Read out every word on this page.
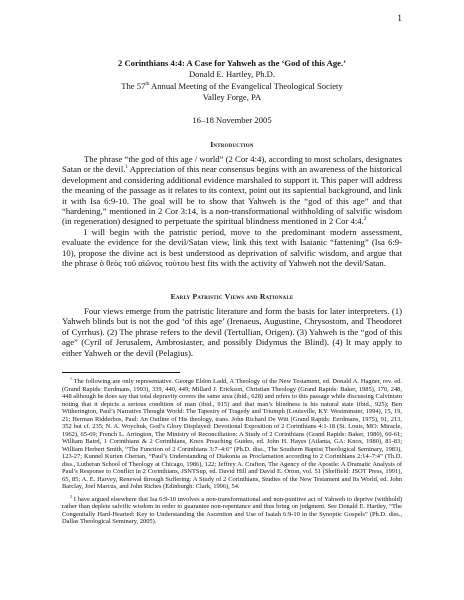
1
2 Corinthians 4:4: A Case for Yahweh as the ‘God of this Age.’
Donald E. Hartley, Ph.D.
The 57th Annual Meeting of the Evangelical Theological Society
Valley Forge, PA
16–18 November 2005
Introduction

The phrase “the god of this age / world” (2 Cor 4:4), according to most scholars, designates Satan or the devil.$^1$ Appreciation of this near consensus begins with an awareness of the historical development and considering additional evidence marshaled to support it. This paper will address the meaning of the passage as it relates to its context, point out its sapiential background, and link it with Isa 6:9-10. The goal will be to show that Yahweh is the “god of this age” and that “hardening,” mentioned in 2 Cor 3:14, is a non-transformational withholding of salvific wisdom (in regeneration) designed to perpetuate the spiritual blindness mentioned in 2 Cor 4:4.$^2$

I will begin with the patristic period, move to the predominant modern assessment, evaluate the evidence for the devil/Satan view, link this text with Isaianic “fattening” (Isa 6:9-10), propose the divine act is best understood as deprivation of salvific wisdom, and argue that the phrase ὁ θεὸς τοῦ αἰῶνος τούτου best fits with the activity of Yahweh not the devil/Satan.

Early Patristic Views and Rationale

Four views emerge from the patristic literature and form the basis for later interpreters. (1) Yahweh blinds but is not the god ‘of this age’ (Irenaeus, Augustine, Chrysostom, and Theodoret of Cyrrhus). (2) The phrase refers to the devil (Tertullian, Origen). (3) Yahweh is the “god of this age” (Cyril of Jerusalem, Ambrosiaster, and possibly Didymus the Blind). (4) It may apply to either Yahweh or the devil (Pelagius).

$^1$ The following are only representative. George Eldon Ladd, A Theology of the New Testament, ed. Donald A. Hagner, rev. ed. (Grand Rapids: Eerdmans, 1993), 339, 440, 449; Millard J. Erickson, Christian Theology (Grand Rapids: Baker, 1985), 170, 248, 448 although he does say that total depravity covers the same area (ibid., 628) and refers to this passage while discussing Calvinism noting that it depicts a serious condition of man (ibid., 915) and that man’s blindness is his natural state (ibid., 925); Ben Witherington, Paul’s Narrative Thought World: The Tapestry of Tragedy and Triumph (Louisville, KY: Westminster, 1994), 15, 19, 21; Herman Ridderbos, Paul: An Outline of His theology, trans. John Richard De Witt (Grand Rapids: Eerdmans, 1975), 91, 213, 352 but cf. 235; N. A. Woychuk, God’s Glory Displayed: Devotional Exposition of 2 Corinthians 4:1-18 (St. Louis, MO: Miracle, 1962), 65-69; French L. Arrington, The Ministry of Reconciliation: A Study of 2 Corinthians (Grand Rapids: Baker, 1980), 60-61; William Baird, 1 Corinthians & 2 Corinthians, Knox Preaching Guides, ed. John H. Hayes (Atlanta, GA: Knox, 1980), 81-83; William Herbert Smith, “The Function of 2 Corinthians 3:7–4:6” (Ph.D. diss., The Southern Baptist Theological Seminary, 1983), 123-27; Kunnel Kurien Cherian, “Paul’s Understanding of Diakonia as Proclamation according to 2 Corinthians 2:14–7:4” (Th.D. diss., Lutheran School of Theology at Chicago, 1986), 122; Jeffrey A. Crafton, The Agency of the Apostle: A Dramatic Analysis of Paul’s Response to Conflict in 2 Corinthians, JSNTSup, ed. David Hill and David E. Orton, vol. 51 (Sheffield: JSOT Press, 1991), 65, 85; A. E. Harvey, Renewal through Suffering: A Study of 2 Corinthians, Studies of the New Testament and Its World, ed. John Barclay, Joel Marcus, and John Riches (Edinburgh: Clark, 1996), 54.

$^2$ I have argued elsewhere that Isa 6:9-10 involves a non-transformational and non-punitive act of Yahweh to deprive (withhold) rather than deplete salvific wisdom in order to guarantee non-repentance and thus bring on judgment. See Donald E. Hartley, “The Congenitally Hard-Hearted: Key to Understanding the Ascention and Use of Isaiah 6:9-10 in the Synoptic Gospels” (Ph.D. diss., Dallas Theological Seminary, 2005).
